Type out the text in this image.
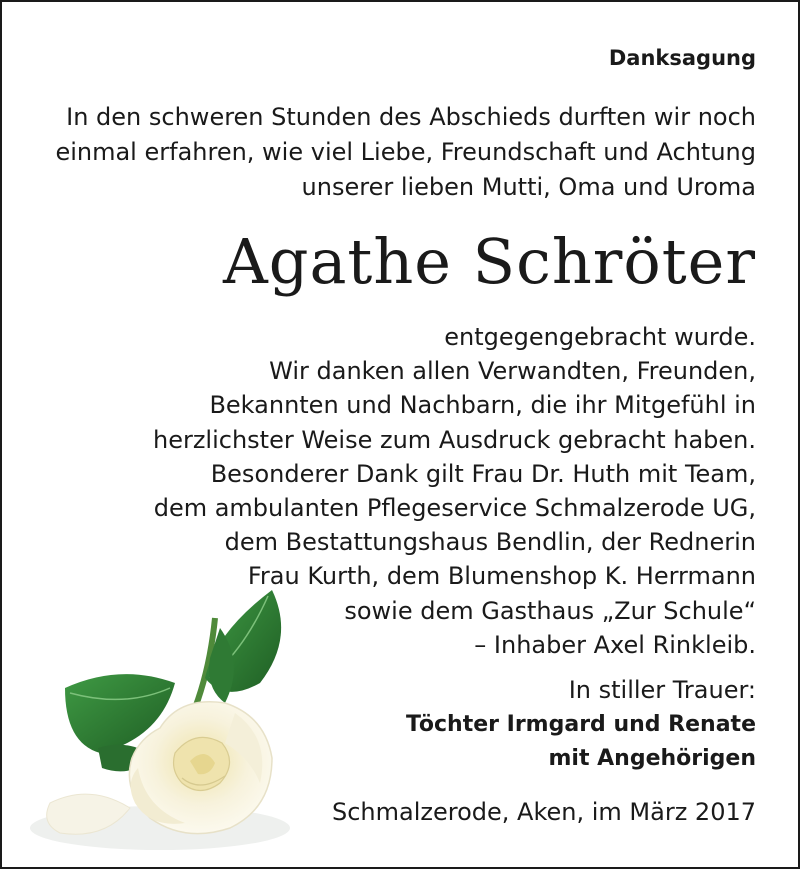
Danksagung
In den schweren Stunden des Abschieds durften wir noch
einmal erfahren, wie viel Liebe, Freundschaft und Achtung
unserer lieben Mutti, Oma und Uroma
Agathe Schröter
entgegengebracht wurde.
Wir danken allen Verwandten, Freunden,
Bekannten und Nachbarn, die ihr Mitgefühl in
herzlichster Weise zum Ausdruck gebracht haben.
Besonderer Dank gilt Frau Dr. Huth mit Team,
dem ambulanten Pflegeservice Schmalzerode UG,
dem Bestattungshaus Bendlin, der Rednerin
Frau Kurth, dem Blumenshop K. Herrmann
sowie dem Gasthaus „Zur Schule“
– Inhaber Axel Rinkleib.
In stiller Trauer:
Töchter Irmgard und Renate
mit Angehörigen
Schmalzerode, Aken, im März 2017
